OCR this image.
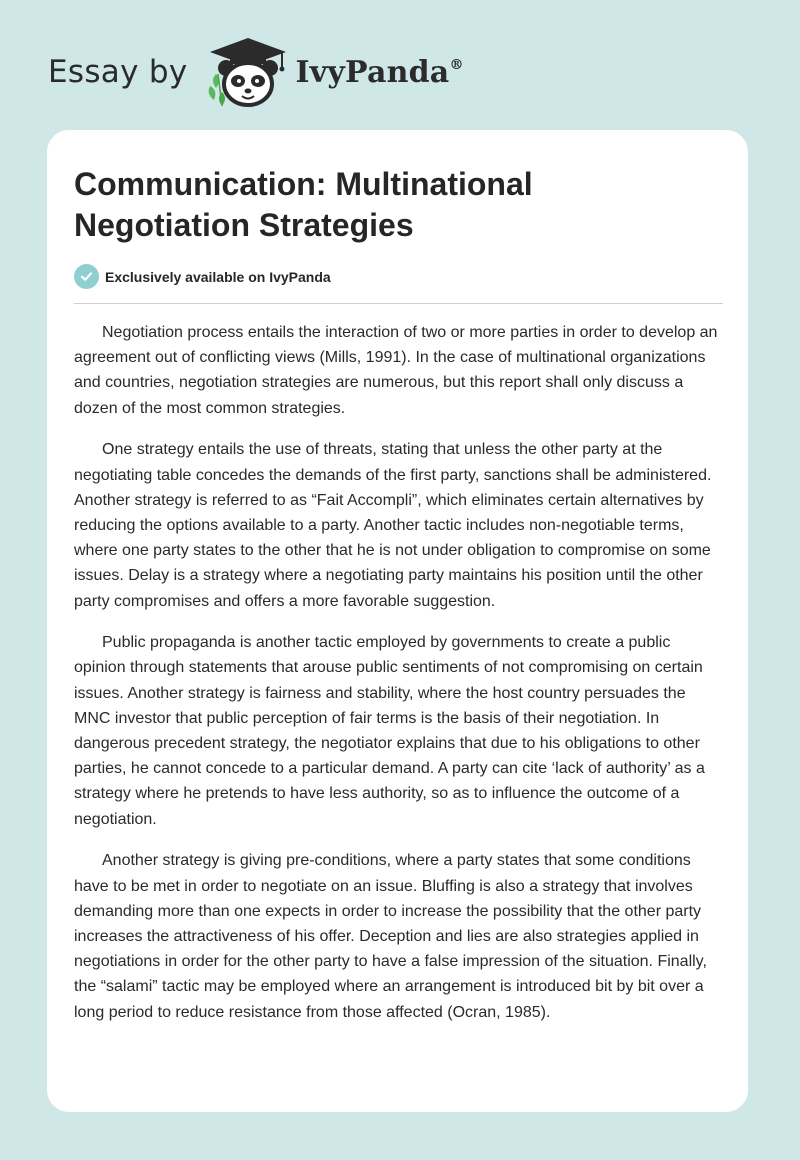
Essay by	IvyPanda®
Communication: Multinational Negotiation Strategies
Exclusively available on IvyPanda

Negotiation process entails the interaction of two or more parties in order to develop an agreement out of conflicting views (Mills, 1991). In the case of multinational organizations and countries, negotiation strategies are numerous, but this report shall only discuss a dozen of the most common strategies.

One strategy entails the use of threats, stating that unless the other party at the negotiating table concedes the demands of the first party, sanctions shall be administered. Another strategy is referred to as “Fait Accompli”, which eliminates certain alternatives by reducing the options available to a party. Another tactic includes non-negotiable terms, where one party states to the other that he is not under obligation to compromise on some issues. Delay is a strategy where a negotiating party maintains his position until the other party compromises and offers a more favorable suggestion.

Public propaganda is another tactic employed by governments to create a public opinion through statements that arouse public sentiments of not compromising on certain issues. Another strategy is fairness and stability, where the host country persuades the MNC investor that public perception of fair terms is the basis of their negotiation. In dangerous precedent strategy, the negotiator explains that due to his obligations to other parties, he cannot concede to a particular demand. A party can cite ‘lack of authority’ as a strategy where he pretends to have less authority, so as to influence the outcome of a negotiation.

Another strategy is giving pre-conditions, where a party states that some conditions have to be met in order to negotiate on an issue. Bluffing is also a strategy that involves demanding more than one expects in order to increase the possibility that the other party increases the attractiveness of his offer. Deception and lies are also strategies applied in negotiations in order for the other party to have a false impression of the situation. Finally, the “salami” tactic may be employed where an arrangement is introduced bit by bit over a long period to reduce resistance from those affected (Ocran, 1985).
